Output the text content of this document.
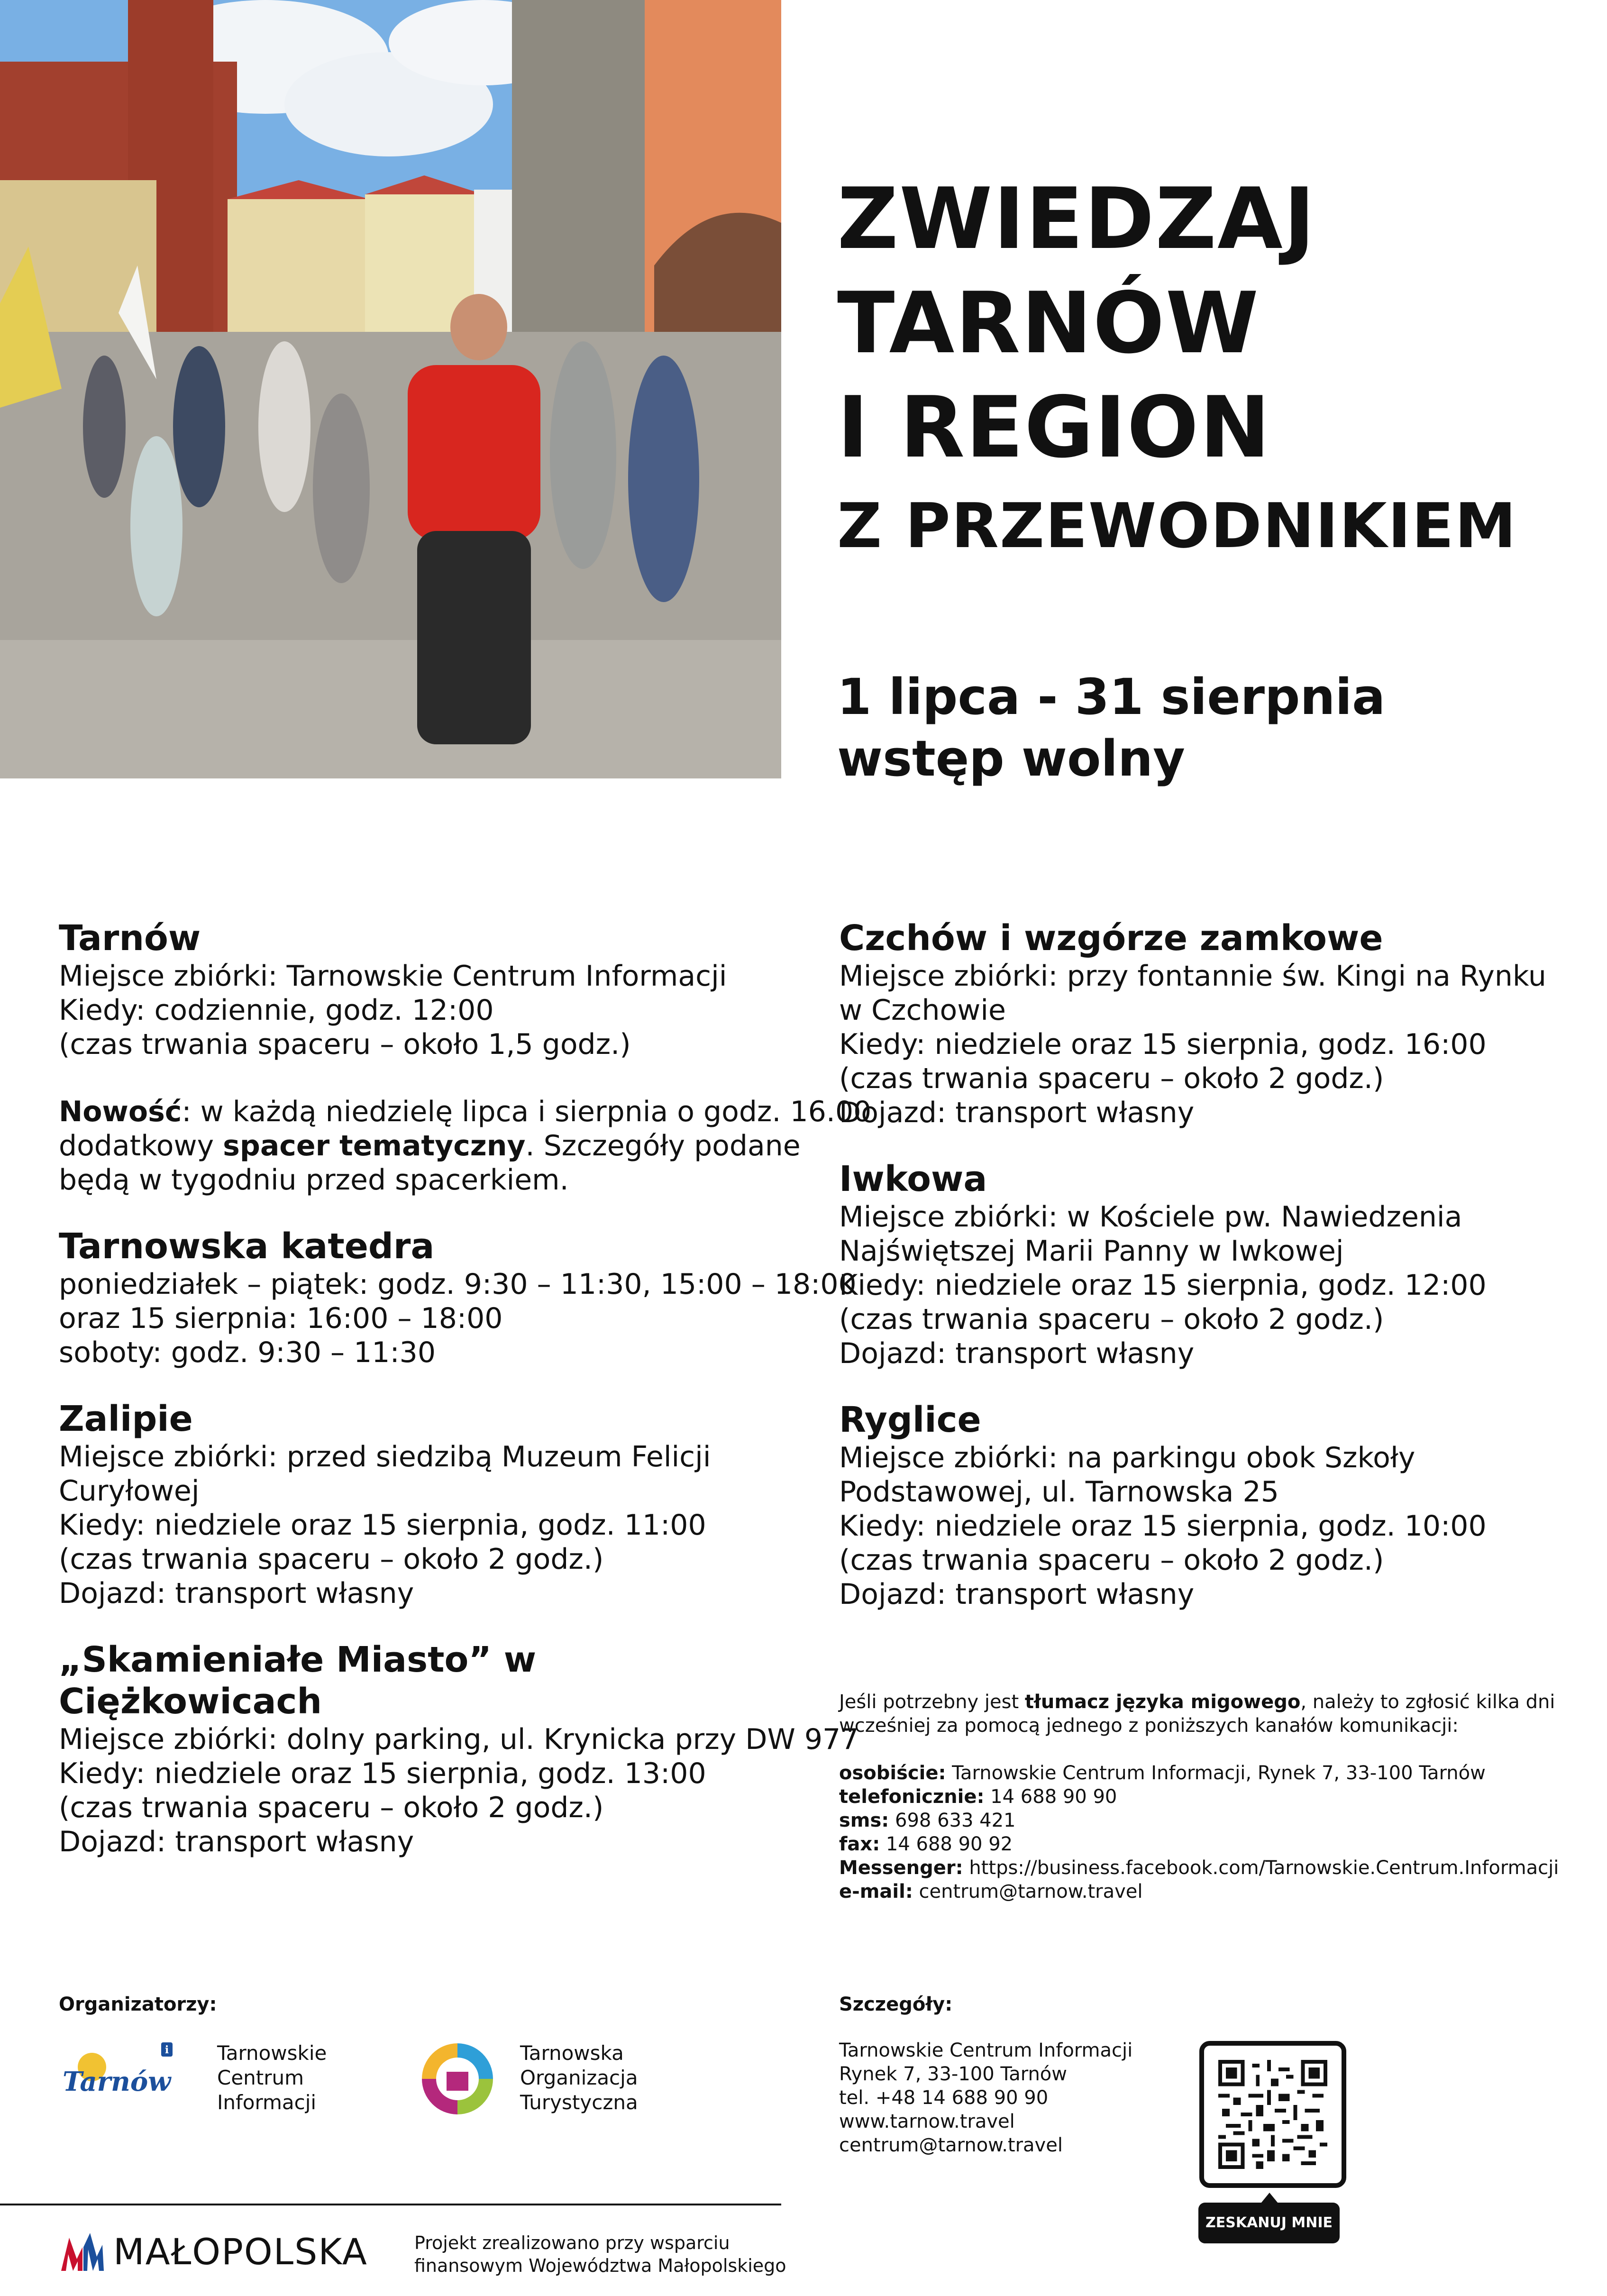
ZWIEDZAJ
TARNÓW
I REGION
Z PRZEWODNIKIEM
1 lipca - 31 sierpnia
wstęp wolny

Tarnów

Miejsce zbiórki: Tarnowskie Centrum Informacji

Kiedy: codziennie, godz. 12:00

(czas trwania spaceru – około 1,5 godz.)

Nowość: w każdą niedzielę lipca i sierpnia o godz. 16.00

dodatkowy spacer tematyczny. Szczegóły podane

będą w tygodniu przed spacerkiem.

Tarnowska katedra

poniedziałek – piątek: godz. 9:30 – 11:30, 15:00 – 18:00

oraz 15 sierpnia: 16:00 – 18:00

soboty: godz. 9:30 – 11:30

Zalipie

Miejsce zbiórki: przed siedzibą Muzeum Felicji

Curyłowej

Kiedy: niedziele oraz 15 sierpnia, godz. 11:00

(czas trwania spaceru – około 2 godz.)

Dojazd: transport własny

„Skamieniałe Miasto” w Ciężkowicach

Miejsce zbiórki: dolny parking, ul. Krynicka przy DW 977

Kiedy: niedziele oraz 15 sierpnia, godz. 13:00

(czas trwania spaceru – około 2 godz.)

Dojazd: transport własny

Czchów i wzgórze zamkowe

Miejsce zbiórki: przy fontannie św. Kingi na Rynku

w Czchowie

Kiedy: niedziele oraz 15 sierpnia, godz. 16:00

(czas trwania spaceru – około 2 godz.)

Dojazd: transport własny

Iwkowa

Miejsce zbiórki: w Kościele pw. Nawiedzenia

Najświętszej Marii Panny w Iwkowej

Kiedy: niedziele oraz 15 sierpnia, godz. 12:00

(czas trwania spaceru – około 2 godz.)

Dojazd: transport własny

Ryglice

Miejsce zbiórki: na parkingu obok Szkoły

Podstawowej, ul. Tarnowska 25

Kiedy: niedziele oraz 15 sierpnia, godz. 10:00

(czas trwania spaceru – około 2 godz.)

Dojazd: transport własny

Jeśli potrzebny jest tłumacz języka migowego, należy to zgłosić kilka dni

wcześniej za pomocą jednego z poniższych kanałów komunikacji:

osobiście: Tarnowskie Centrum Informacji, Rynek 7, 33-100 Tarnów

telefonicznie: 14 688 90 90

sms: 698 633 421

fax: 14 688 90 92

Messenger: https://business.facebook.com/Tarnowskie.Centrum.Informacji

e-mail: centrum@tarnow.travel

Organizatorzy:	Szczegóły:
i
Tarnów
Tarnowskie
Centrum
Informacji
Tarnowska
Organizacja
Turystyczna
Tarnowskie Centrum Informacji
Rynek 7, 33-100 Tarnów
tel. +48 14 688 90 90
www.tarnow.travel
centrum@tarnow.travel
ZESKANUJ MNIE
MAŁOPOLSKA	Projekt zrealizowano przy wsparciu
finansowym Województwa Małopolskiego
